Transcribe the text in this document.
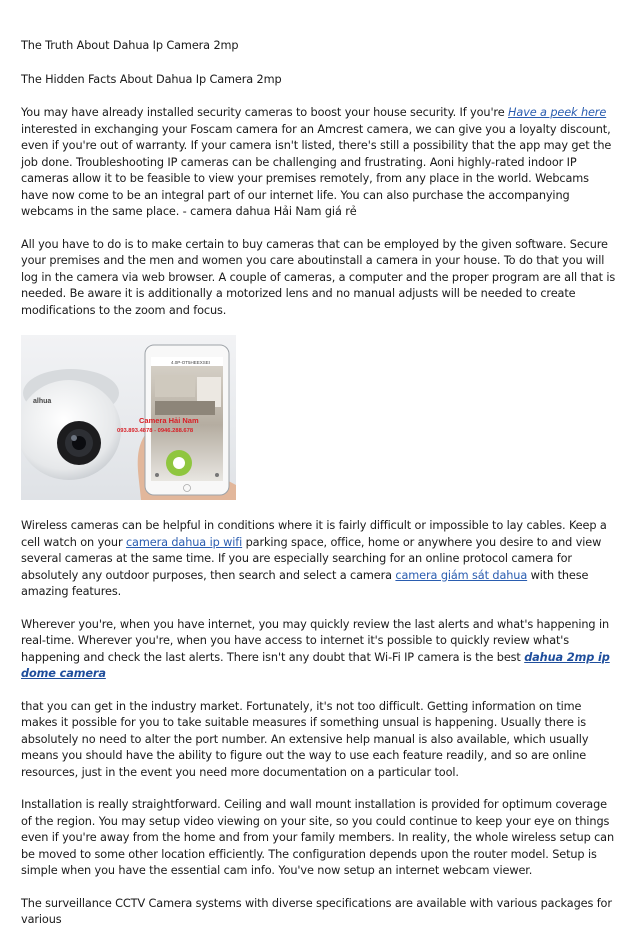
The Truth About Dahua Ip Camera 2mp

The Hidden Facts About Dahua Ip Camera 2mp

You may have already installed security cameras to boost your house security. If you're Have a peek here interested in exchanging your Foscam camera for an Amcrest camera, we can give you a loyalty discount, even if you're out of warranty. If your camera isn't listed, there's still a possibility that the app may get the job done. Troubleshooting IP cameras can be challenging and frustrating. Aoni highly-rated indoor IP cameras allow it to be feasible to view your premises remotely, from any place in the world. Webcams have now come to be an integral part of our internet life. You can also purchase the accompanying webcams in the same place. - camera dahua Hải Nam giá rẻ

All you have to do is to make certain to buy cameras that can be employed by the given software. Secure your premises and the men and women you care aboutinstall a camera in your house. To do that you will log in the camera via web browser. A couple of cameras, a computer and the proper program are all that is needed. Be aware it is additionally a motorized lens and no manual adjusts will be needed to create modifications to the zoom and focus.

alhua
4.0P-OT5HEEXSEI
Camera Hải Nam
093.893.4878 - 0946.288.678

Wireless cameras can be helpful in conditions where it is fairly difficult or impossible to lay cables. Keep a cell watch on your camera dahua ip wifi parking space, office, home or anywhere you desire to and view several cameras at the same time. If you are especially searching for an online protocol camera for absolutely any outdoor purposes, then search and select a camera camera giám sát dahua with these amazing features.

Wherever you're, when you have internet, you may quickly review the last alerts and what's happening in real-time. Wherever you're, when you have access to internet it's possible to quickly review what's happening and check the last alerts. There isn't any doubt that Wi-Fi IP camera is the best dahua 2mp ip dome camera

that you can get in the industry market. Fortunately, it's not too difficult. Getting information on time makes it possible for you to take suitable measures if something unsual is happening. Usually there is absolutely no need to alter the port number. An extensive help manual is also available, which usually means you should have the ability to figure out the way to use each feature readily, and so are online resources, just in the event you need more documentation on a particular tool.

Installation is really straightforward. Ceiling and wall mount installation is provided for optimum coverage of the region. You may setup video viewing on your site, so you could continue to keep your eye on things even if you're away from the home and from your family members. In reality, the whole wireless setup can be moved to some other location efficiently. The configuration depends upon the router model. Setup is simple when you have the essential cam info. You've now setup an internet webcam viewer.

The surveillance CCTV Camera systems with diverse specifications are available with various packages for various
